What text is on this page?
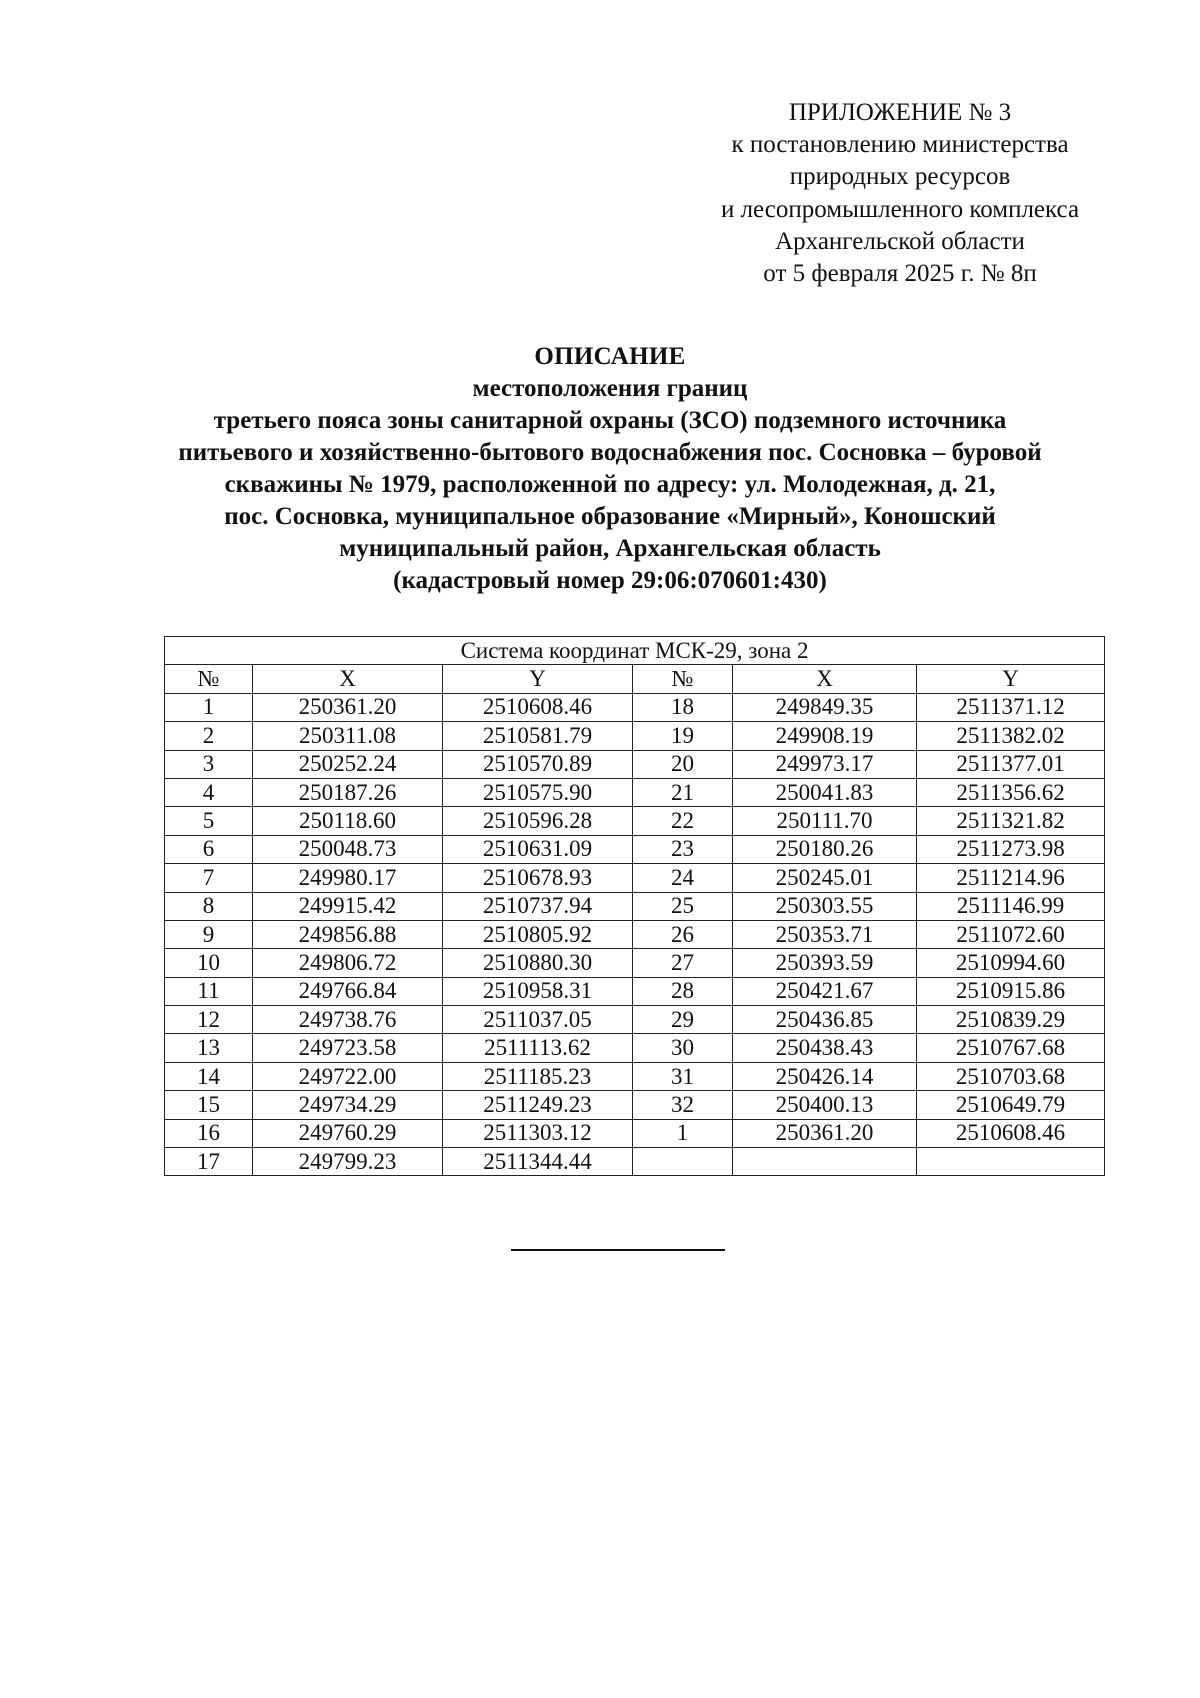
ПРИЛОЖЕНИЕ № 3
к постановлению министерства
природных ресурсов
и лесопромышленного комплекса
Архангельской области
от 5 февраля 2025 г. № 8п
ОПИСАНИЕ
местоположения границ
третьего пояса зоны санитарной охраны (ЗСО) подземного источника
питьевого и хозяйственно-бытового водоснабжения пос. Сосновка – буровой
скважины № 1979, расположенной по адресу: ул. Молодежная, д. 21,
пос. Сосновка, муниципальное образование «Мирный», Коношский
муниципальный район, Архангельская область
(кадастровый номер 29:06:070601:430)
Система координат МСК-29, зона 2					
№	X	Y	№	X	Y
1	250361.20	2510608.46	18	249849.35	2511371.12
2	250311.08	2510581.79	19	249908.19	2511382.02
3	250252.24	2510570.89	20	249973.17	2511377.01
4	250187.26	2510575.90	21	250041.83	2511356.62
5	250118.60	2510596.28	22	250111.70	2511321.82
6	250048.73	2510631.09	23	250180.26	2511273.98
7	249980.17	2510678.93	24	250245.01	2511214.96
8	249915.42	2510737.94	25	250303.55	2511146.99
9	249856.88	2510805.92	26	250353.71	2511072.60
10	249806.72	2510880.30	27	250393.59	2510994.60
11	249766.84	2510958.31	28	250421.67	2510915.86
12	249738.76	2511037.05	29	250436.85	2510839.29
13	249723.58	2511113.62	30	250438.43	2510767.68
14	249722.00	2511185.23	31	250426.14	2510703.68
15	249734.29	2511249.23	32	250400.13	2510649.79
16	249760.29	2511303.12	1	250361.20	2510608.46
17	249799.23	2511344.44			
